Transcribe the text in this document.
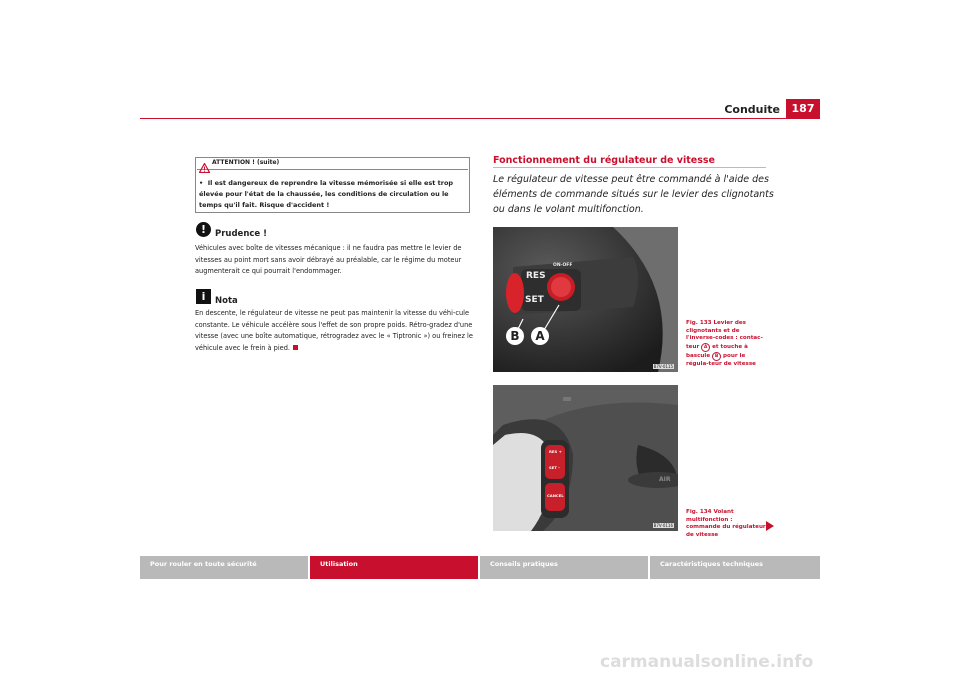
Conduite	187
ATTENTION ! (suite)
• Il est dangereux de reprendre la vitesse mémorisée si elle est trop élevée pour l'état de la chaussée, les conditions de circulation ou le temps qu'il fait. Risque d'accident !
!	Prudence !
Véhicules avec boîte de vitesses mécanique : il ne faudra pas mettre le levier de vitesses au point mort sans avoir débrayé au préalable, car le régime du moteur augmenterait ce qui pourrait l'endommager.
i	Nota
En descente, le régulateur de vitesse ne peut pas maintenir la vitesse du véhi-cule constante. Le véhicule accélère sous l'effet de son propre poids. Rétro-gradez d'une vitesse (avec une boîte automatique, rétrogradez avec le « Tiptronic ») ou freinez le véhicule avec le frein à pied.
Fonctionnement du régulateur de vitesse
Le régulateur de vitesse peut être commandé à l'aide des éléments de commande situés sur le levier des clignotants ou dans le volant multifonction.
RES
SET
ON-OFF
B	A
B7V-0115
RES +
SET -
CANCEL
AIR
B7V-0116
Fig. 133 Levier des clignotants et de l'inverse-codes : contac-teur A et touche à bascule B pour le régula-teur de vitesse
Fig. 134 Volant multifonction : commande du régulateur de vitesse
Pour rouler en toute sécurité	Utilisation	Conseils pratiques	Caractéristiques techniques
carmanualsonline.info
